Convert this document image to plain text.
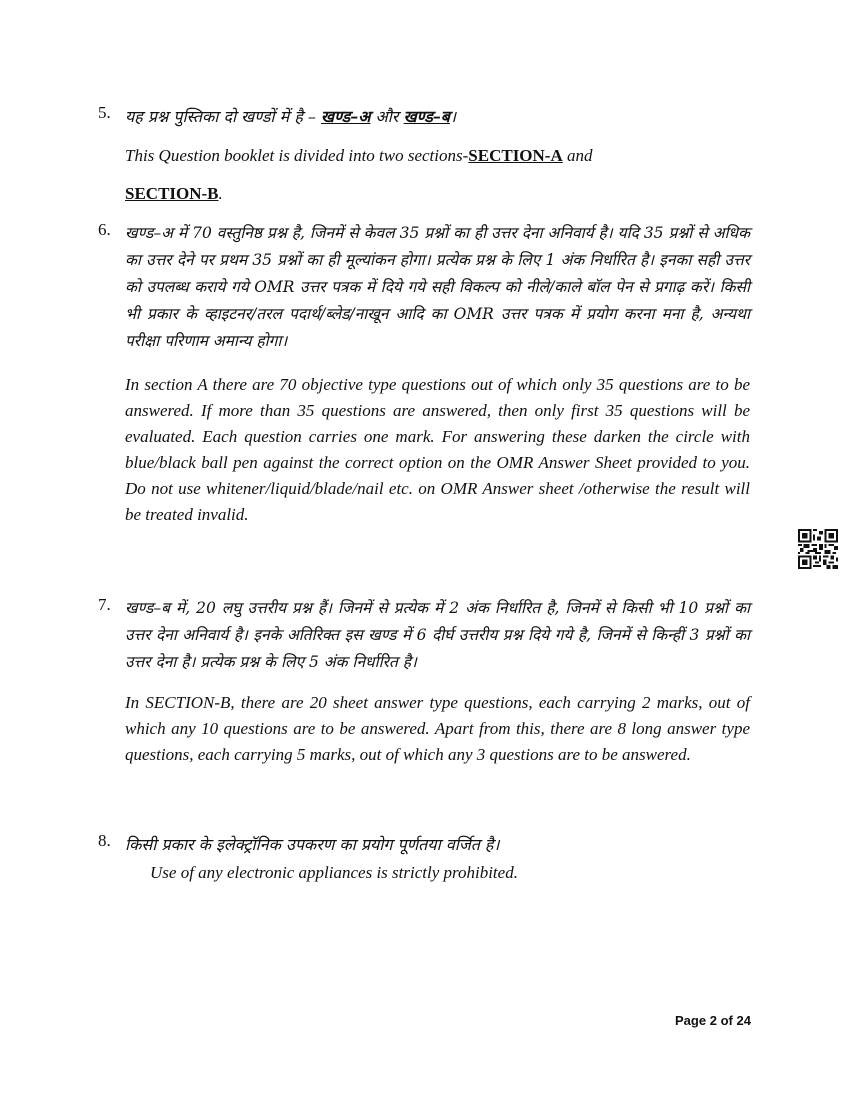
5. यह प्रश्न पुस्तिका दो खण्डों में है – खण्ड–अ और खण्ड–ब।

This Question booklet is divided into two sections-SECTION-A and

SECTION-B.

6. खण्ड–अ में 70 वस्तुनिष्ठ प्रश्न है, जिनमें से केवल 35 प्रश्नों का ही उत्तर देना अनिवार्य है। यदि 35 प्रश्नों से अधिक का उत्तर देने पर प्रथम 35 प्रश्नों का ही मूल्यांकन होगा। प्रत्येक प्रश्न के लिए 1 अंक निर्धारित है। इनका सही उत्तर को उपलब्ध कराये गये OMR उत्तर पत्रक में दिये गये सही विकल्प को नीले/काले बॉल पेन से प्रगाढ़ करें। किसी भी प्रकार के व्हाइटनर/तरल पदार्थ/ब्लेड/नाखून आदि का OMR उत्तर पत्रक में प्रयोग करना मना है, अन्यथा परीक्षा परिणाम अमान्य होगा।

In section A there are 70 objective type questions out of which only 35 questions are to be answered. If more than 35 questions are answered, then only first 35 questions will be evaluated. Each question carries one mark. For answering these darken the circle with blue/black ball pen against the correct option on the OMR Answer Sheet provided to you. Do not use whitener/liquid/blade/nail etc. on OMR Answer sheet /otherwise the result will be treated invalid.

7. खण्ड–ब में, 20 लघु उत्तरीय प्रश्न हैं। जिनमें से प्रत्येक में 2 अंक निर्धारित है, जिनमें से किसी भी 10 प्रश्नों का उत्तर देना अनिवार्य है। इनके अतिरिक्त इस खण्ड में 6 दीर्घ उत्तरीय प्रश्न दिये गये है, जिनमें से किन्हीं 3 प्रश्नों का उत्तर देना है। प्रत्येक प्रश्न के लिए 5 अंक निर्धारित है।

In SECTION-B, there are 20 sheet answer type questions, each carrying 2 marks, out of which any 10 questions are to be answered. Apart from this, there are 8 long answer type questions, each carrying 5 marks, out of which any 3 questions are to be answered.

8. किसी प्रकार के इलेक्ट्रॉनिक उपकरण का प्रयोग पूर्णतया वर्जित है।

Use of any electronic appliances is strictly prohibited.

Page 2 of 24
